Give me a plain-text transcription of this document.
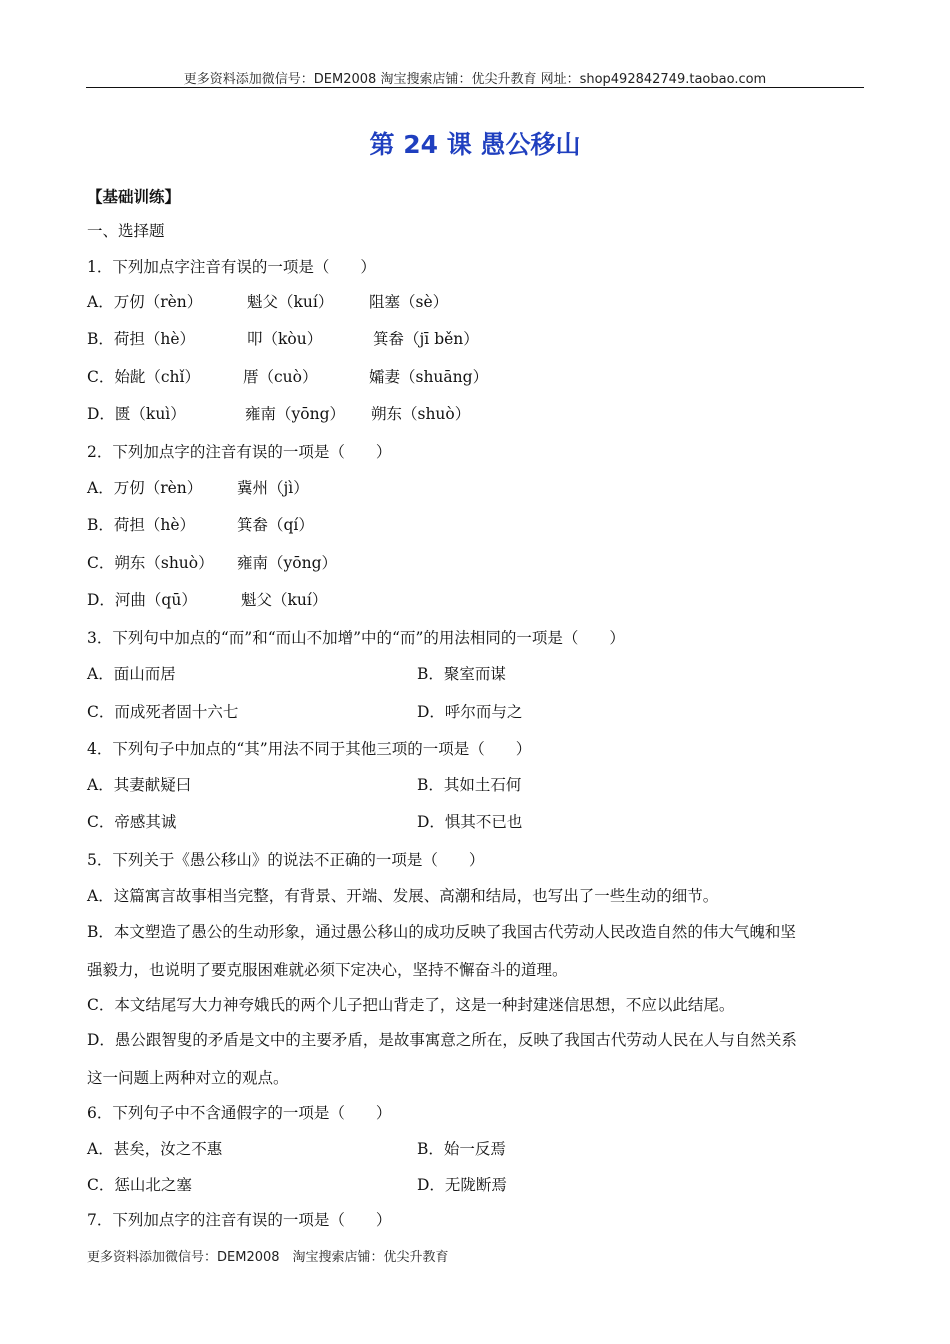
更多资料添加微信号：DEM2008 淘宝搜索店铺：优尖升教育 网址：shop492842749.taobao.com
第 24 课 愚公移山
【基础训练】
一、选择题
1．下列加点字注音有误的一项是（　　）
A．万仞（rèn）	魁父（kuí） 阻塞（sè）
B．荷担（hè）	叩（kòu）	箕畚（jī běn）
C．始龀（chǐ）	厝（cuò）	孀妻（shuāng）
D．匮（kuì）	雍南（yōng） 朔东（shuò）
2．下列加点字的注音有误的一项是（　　）
A．万仞（rèn） 冀州（jì）
B．荷担（hè）	箕畚（qí）
C．朔东（shuò） 雍南（yōng）
D．河曲（qū）	魁父（kuí）
3．下列句中加点的“而”和“而山不加增”中的“而”的用法相同的一项是（　　）
A．面山而居	B．聚室而谋
C．而成死者固十六七	D．呼尔而与之
4．下列句子中加点的“其”用法不同于其他三项的一项是（　　）
A．其妻献疑曰	B．其如土石何
C．帝感其诚	D．惧其不已也
5．下列关于《愚公移山》的说法不正确的一项是（　　）
A．这篇寓言故事相当完整，有背景、开端、发展、高潮和结局，也写出了一些生动的细节。
B．本文塑造了愚公的生动形象，通过愚公移山的成功反映了我国古代劳动人民改造自然的伟大气魄和坚
强毅力，也说明了要克服困难就必须下定决心，坚持不懈奋斗的道理。
C．本文结尾写大力神夸娥氏的两个儿子把山背走了，这是一种封建迷信思想，不应以此结尾。
D．愚公跟智叟的矛盾是文中的主要矛盾，是故事寓意之所在，反映了我国古代劳动人民在人与自然关系
这一问题上两种对立的观点。
6．下列句子中不含通假字的一项是（　　）
A．甚矣，汝之不惠	B．始一反焉
C．惩山北之塞	D．无陇断焉
7．下列加点字的注音有误的一项是（　　）
更多资料添加微信号：DEM2008　淘宝搜索店铺：优尖升教育
